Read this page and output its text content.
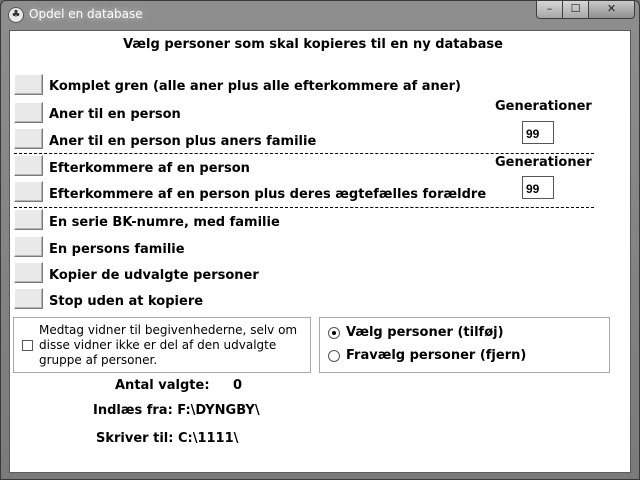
♣ Opdel en database	–	☐	✕
Vælg personer som skal kopieres til en ny database
Komplet gren (alle aner plus alle efterkommere af aner)
Aner til en person
Aner til en person plus aners familie
Generationer
99
Efterkommere af en person
Efterkommere af en person plus deres ægtefælles forældre
Generationer
99
En serie BK-numre, med familie
En persons familie
Kopier de udvalgte personer
Stop uden at kopiere
Medtag vidner til begivenhederne, selv om disse vidner ikke er del af den udvalgte gruppe af personer.
Vælg personer (tilføj)
Fravælg personer (fjern)
Antal valgte: 0
Indlæs fra: F:\DYNGBY\
Skriver til: C:\1111\
